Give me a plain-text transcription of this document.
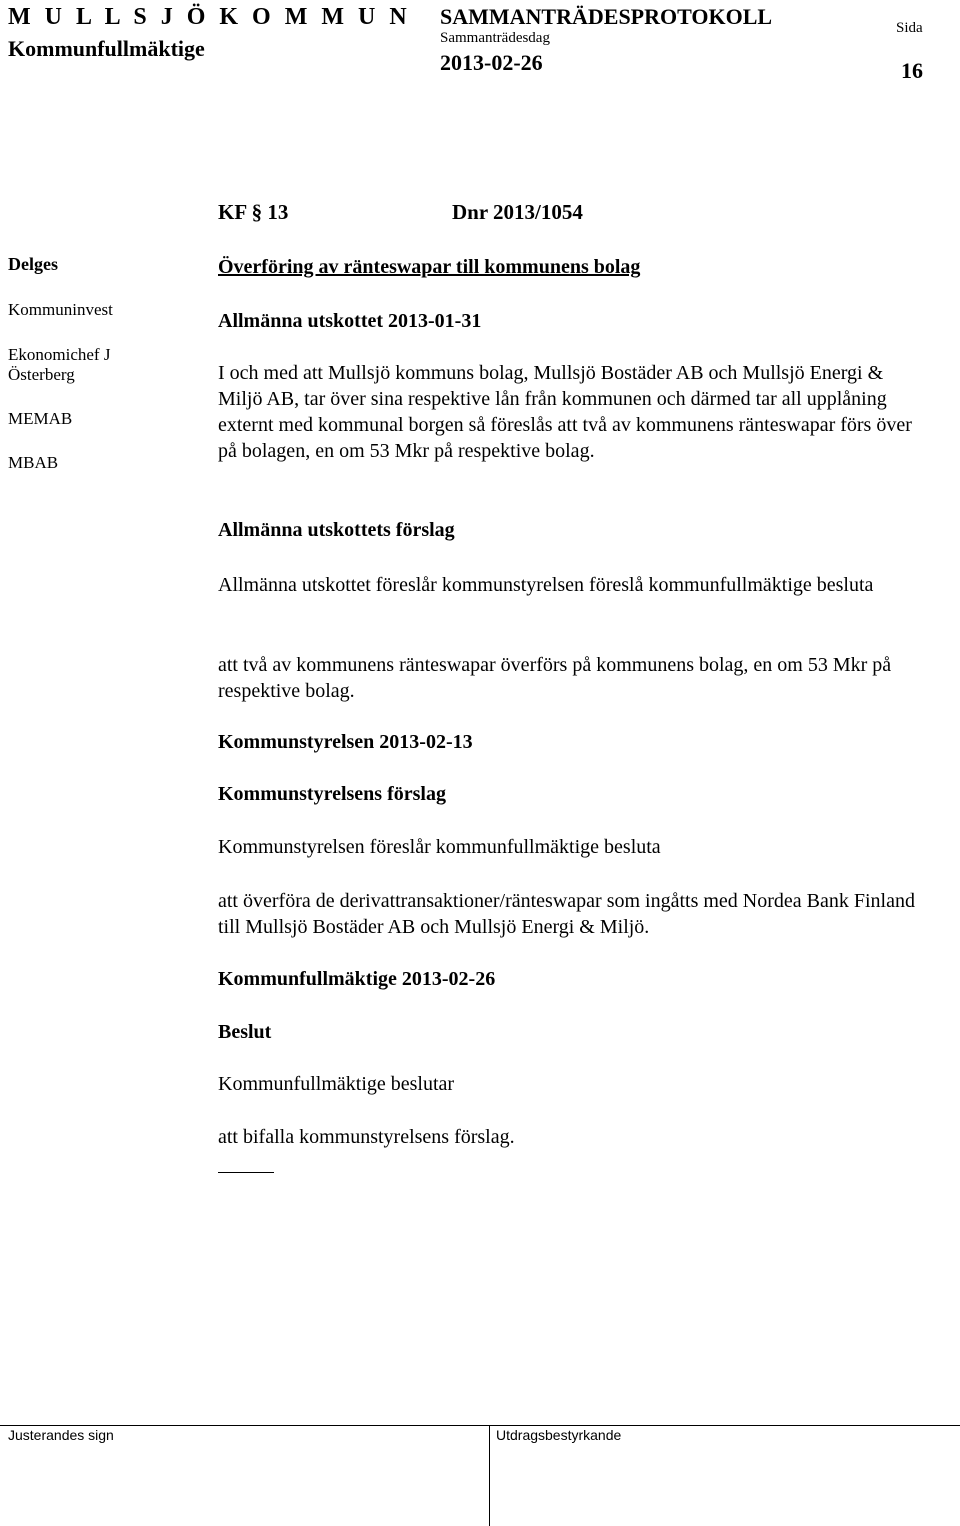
M U L L S J Ö K O M M U N
Kommunfullmäktige
SAMMANTRÄDESPROTOKOLL
Sammanträdesdag
2013-02-26
Sida
16
KF § 13	Dnr 2013/1054
Delges
Kommuninvest
Ekonomichef J
Österberg
MEMAB
MBAB
Överföring av ränteswapar till kommunens bolag
Allmänna utskottet 2013-01-31
I och med att Mullsjö kommuns bolag, Mullsjö Bostäder AB och Mullsjö Energi & Miljö AB, tar över sina respektive lån från kommunen och därmed tar all upplåning externt med kommunal borgen så föreslås att två av kommunens ränteswapar förs över på bolagen, en om 53 Mkr på respektive bolag.
Allmänna utskottets förslag
Allmänna utskottet föreslår kommunstyrelsen föreslå kommunfullmäktige besluta
att två av kommunens ränteswapar överförs på kommunens bolag, en om 53 Mkr på respektive bolag.
Kommunstyrelsen 2013-02-13
Kommunstyrelsens förslag
Kommunstyrelsen föreslår kommunfullmäktige besluta
att överföra de derivattransaktioner/ränteswapar som ingåtts med Nordea Bank Finland till Mullsjö Bostäder AB och Mullsjö Energi & Miljö.
Kommunfullmäktige 2013-02-26
Beslut
Kommunfullmäktige beslutar
att bifalla kommunstyrelsens förslag.
Justerandes sign	Utdragsbestyrkande
